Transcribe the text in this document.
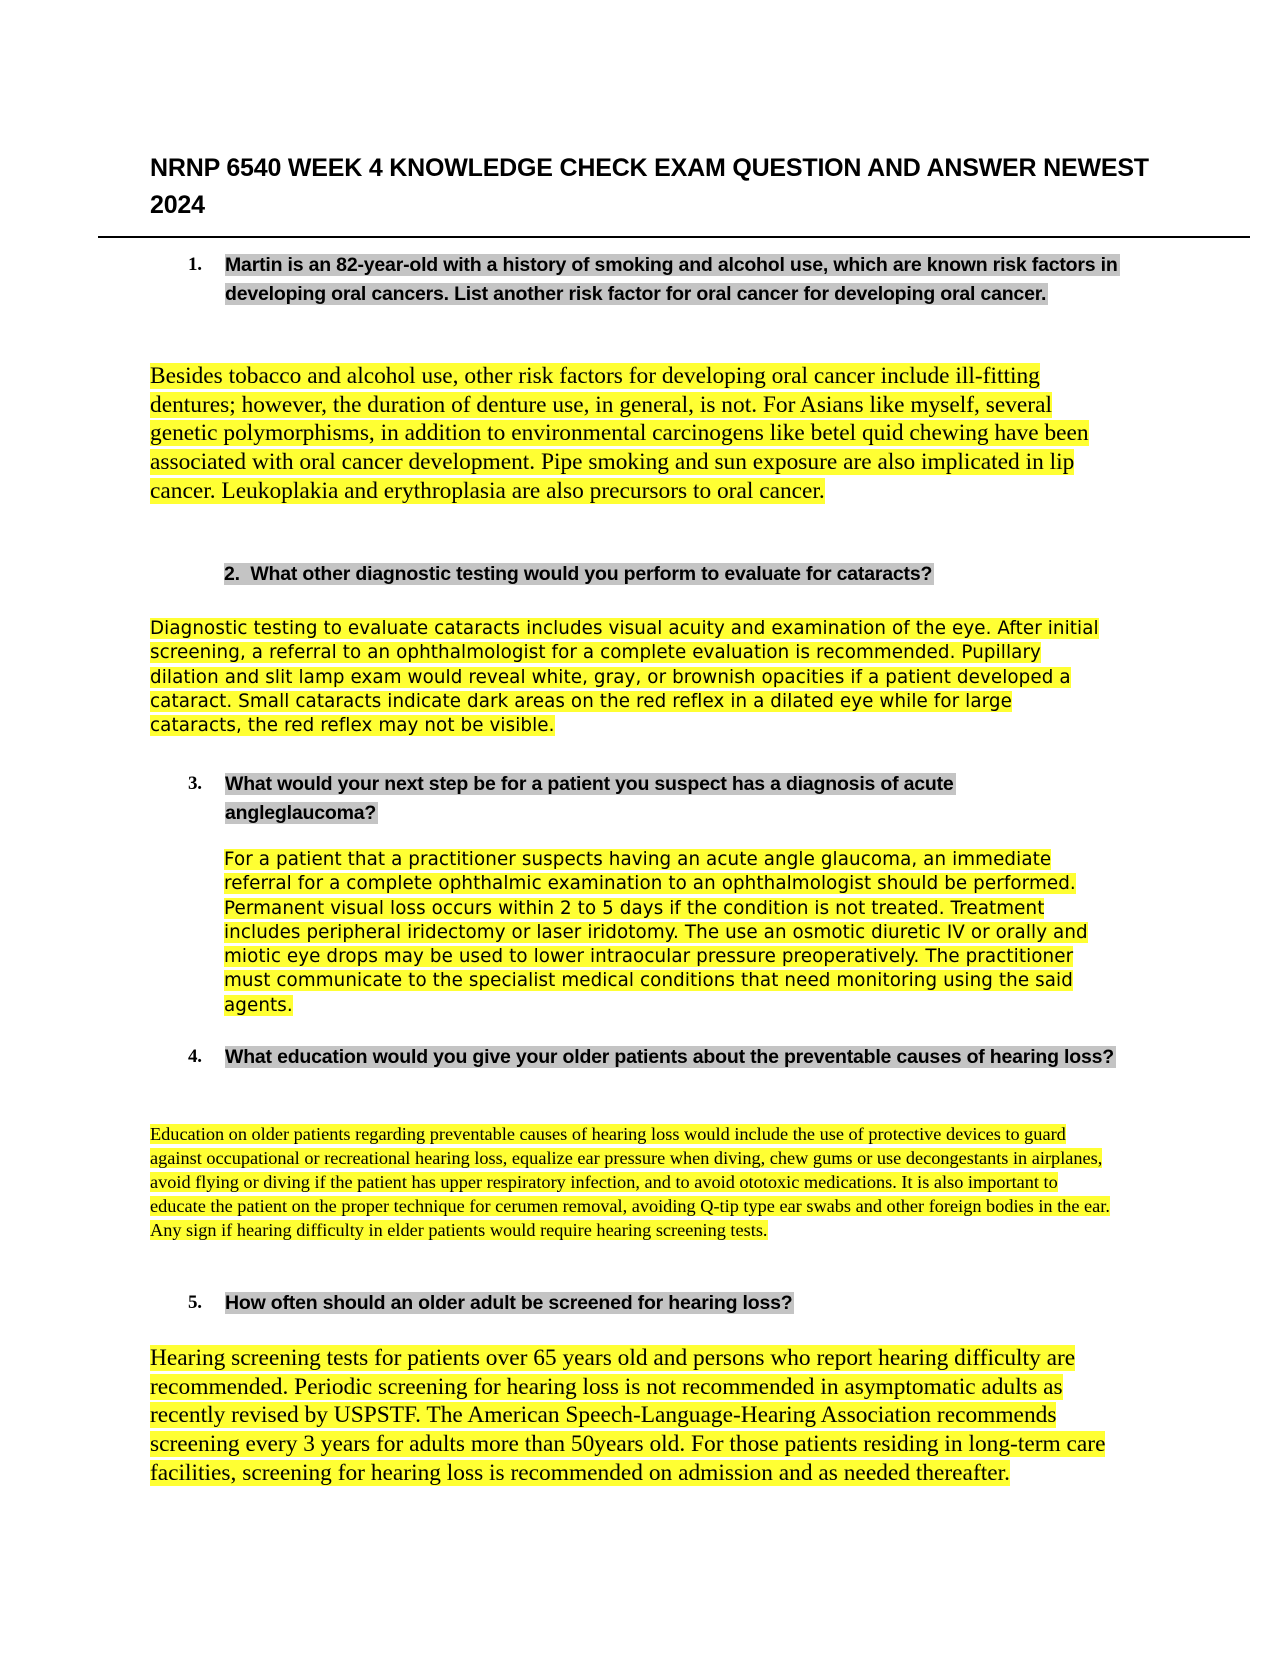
NRNP 6540 WEEK 4 KNOWLEDGE CHECK EXAM QUESTION AND ANSWER NEWEST 2024
1. Martin is an 82-year-old with a history of smoking and alcohol use, which are known risk factors in developing oral cancers. List another risk factor for oral cancer for developing oral cancer.
Besides tobacco and alcohol use, other risk factors for developing oral cancer include ill-fitting dentures; however, the duration of denture use, in general, is not. For Asians like myself, several genetic polymorphisms, in addition to environmental carcinogens like betel quid chewing have been associated with oral cancer development. Pipe smoking and sun exposure are also implicated in lip cancer. Leukoplakia and erythroplasia are also precursors to oral cancer.
2. What other diagnostic testing would you perform to evaluate for cataracts?
Diagnostic testing to evaluate cataracts includes visual acuity and examination of the eye. After initial screening, a referral to an ophthalmologist for a complete evaluation is recommended. Pupillary dilation and slit lamp exam would reveal white, gray, or brownish opacities if a patient developed a cataract. Small cataracts indicate dark areas on the red reflex in a dilated eye while for large cataracts, the red reflex may not be visible.
3. What would your next step be for a patient you suspect has a diagnosis of acute angleglaucoma?
For a patient that a practitioner suspects having an acute angle glaucoma, an immediate referral for a complete ophthalmic examination to an ophthalmologist should be performed. Permanent visual loss occurs within 2 to 5 days if the condition is not treated. Treatment includes peripheral iridectomy or laser iridotomy. The use an osmotic diuretic IV or orally and miotic eye drops may be used to lower intraocular pressure preoperatively. The practitioner must communicate to the specialist medical conditions that need monitoring using the said agents.
4. What education would you give your older patients about the preventable causes of hearing loss?
Education on older patients regarding preventable causes of hearing loss would include the use of protective devices to guard against occupational or recreational hearing loss, equalize ear pressure when diving, chew gums or use decongestants in airplanes, avoid flying or diving if the patient has upper respiratory infection, and to avoid ototoxic medications. It is also important to educate the patient on the proper technique for cerumen removal, avoiding Q-tip type ear swabs and other foreign bodies in the ear. Any sign if hearing difficulty in elder patients would require hearing screening tests.
5. How often should an older adult be screened for hearing loss?
Hearing screening tests for patients over 65 years old and persons who report hearing difficulty are recommended. Periodic screening for hearing loss is not recommended in asymptomatic adults as recently revised by USPSTF. The American Speech-Language-Hearing Association recommends screening every 3 years for adults more than 50years old. For those patients residing in long-term care facilities, screening for hearing loss is recommended on admission and as needed thereafter.
